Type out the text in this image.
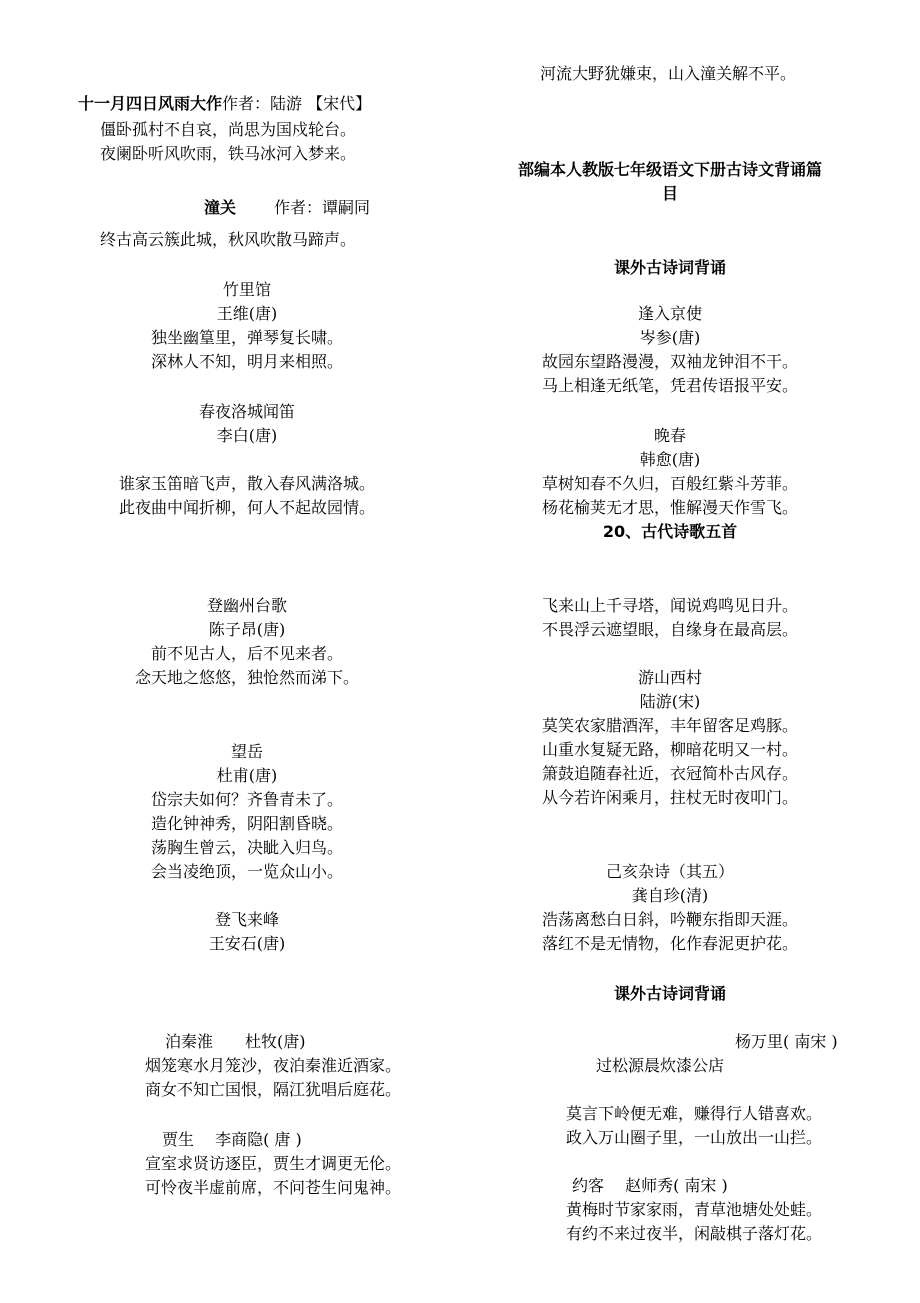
十一月四日风雨大作作者：陆游 【宋代】
僵卧孤村不自哀，尚思为国戍轮台。
夜阑卧听风吹雨，铁马冰河入梦来。
潼关 作者：谭嗣同
终古高云簇此城，秋风吹散马蹄声。
竹里馆
王维(唐)
独坐幽篁里，弹琴复长啸。
深林人不知，明月来相照。
春夜洛城闻笛
李白(唐)
谁家玉笛暗飞声，散入春风满洛城。
此夜曲中闻折柳，何人不起故园情。
登幽州台歌
陈子昂(唐)
前不见古人，后不见来者。
念天地之悠悠，独怆然而涕下。
望岳
杜甫(唐)
岱宗夫如何？齐鲁青未了。
造化钟神秀，阴阳割昏晓。
荡胸生曾云，决眦入归鸟。
会当凌绝顶，一览众山小。
登飞来峰
王安石(唐)
泊秦淮　　杜牧(唐)
烟笼寒水月笼沙，夜泊秦淮近酒家。
商女不知亡国恨，隔江犹唱后庭花。
贾生　 李商隐( 唐 )
宣室求贤访逐臣，贾生才调更无伦。
可怜夜半虚前席，不问苍生问鬼神。
河流大野犹嫌束，山入潼关解不平。
部编本人教版七年级语文下册古诗文背诵篇
目
课外古诗词背诵
逢入京使
岑参(唐)
故园东望路漫漫，双袖龙钟泪不干。
马上相逢无纸笔，凭君传语报平安。
晚春
韩愈(唐)
草树知春不久归，百般红紫斗芳菲。
杨花榆荚无才思，惟解漫天作雪飞。
20、古代诗歌五首
飞来山上千寻塔，闻说鸡鸣见日升。
不畏浮云遮望眼，自缘身在最高层。
游山西村
陆游(宋)
莫笑农家腊酒浑，丰年留客足鸡豚。
山重水复疑无路，柳暗花明又一村。
箫鼓追随春社近，衣冠简朴古风存。
从今若许闲乘月，拄杖无时夜叩门。
己亥杂诗（其五）
龚自珍(清)
浩荡离愁白日斜，吟鞭东指即天涯。
落红不是无情物，化作春泥更护花。
课外古诗词背诵
杨万里( 南宋 )
过松源晨炊漆公店
莫言下岭便无难，赚得行人错喜欢。
政入万山圈子里，一山放出一山拦。
约客　 赵师秀( 南宋 )
黄梅时节家家雨，青草池塘处处蛙。
有约不来过夜半，闲敲棋子落灯花。
